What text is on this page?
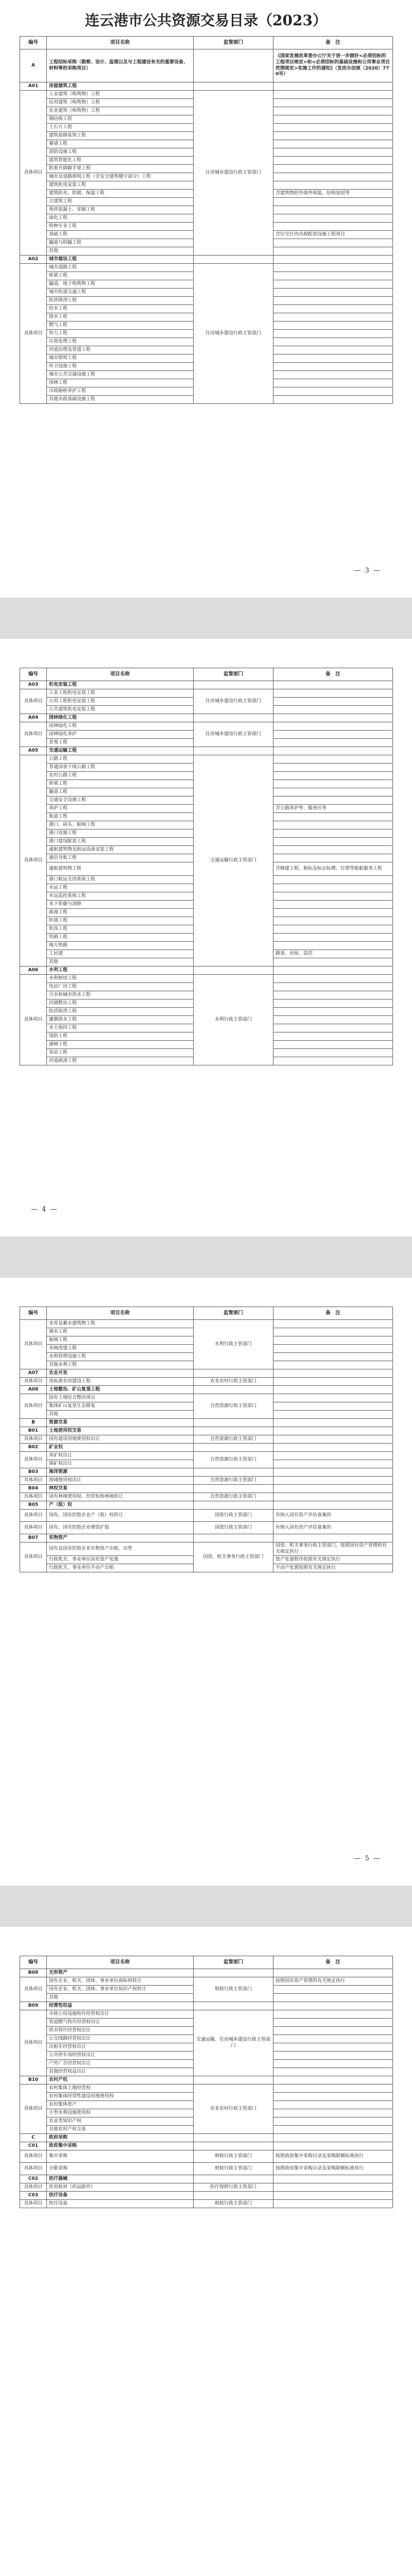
连云港市公共资源交易目录（2023）
编号	项目名称	监管部门	备　注
A	工程招标采购（勘察、设计、监理以及与工程建设有关的重要设备、材料等的采购项目）		《国家发展改革委办公厅关于进一步做好<必须招标的工程项目规定>和<必须招标的基础设施和公用事业项目范围规定>实施工作的通知》（发改办法规〔2020〕770号）
A01	房屋建筑工程		
具体项目	工业建筑（构筑物）工程	住房城乡建设行政主管部门	
	民用建筑（构筑物）工程		
	农业建筑（构筑物）工程		
	钢结构工程		
	土石方工程		
	建筑装修装饰工程		
	幕墙工程		
	消防设施工程		
	建筑智能化工程		
	附着升降脚手架工程		
	城市及道路照明工程（含安全建筑楼宇部分）工程		
	建筑机电安装工程		
	建筑防水、防腐、保温工程		含建筑物的外墙外保温、结构加固等
	古建筑工程		
	预拌混凝土、采暖工程		
	绿化工程		
	特种专业工程		
	基础工程		含住宅区内市政配套设施工程项目
	隧道与防隧工程		
	其他		
A02	城市建设工程		
具体项目	城市道路工程	住房城乡建设行政主管部门	
	桥梁工程		
	隧道、地下构筑物工程		
	城市轨道交通工程		
	防洪排涝工程		
	给水工程		
	排水工程		
	燃气工程		
	热力工程		
	垃圾处理工程		
	河道治理及管道工程		
	城市照明工程		
	环卫设施工程		
	城市公共交通设施工程		
	园林工程		
	市政路桥养护工程		
	其他市政基础设施工程		
— 3 —
编号	项目名称	监管部门	备　注
A03	机电安装工程		
具体项目	工业工程机电安装工程	住房城乡建设行政主管部门	
	公用工程机电安装工程		
	公共建筑机电安装工程		
A04	园林绿化工程		
具体项目	园林绿化工程	住房城乡建设行政主管部门	
	园林绿化养护		
	景观工程		
A05	交通运输工程		
具体项目	公路工程	交通运输行政主管部门	
	普通国省干线公路工程		
	农村公路工程		
	桥梁工程		
	隧道工程		
	交通安全设施工程		
	养护工程		含公路养护等、服务区等
	航道工程		
	港口、码头、船闸工程		
	港口设施工程		
	港口建设配套工程		
	通航建筑物及航运设备安装工程		
	通信导航工程		
	通航建筑物工程		含修建工程、航标及标志标牌、灯塔等船舶服务工程
	港口航运支持系统工程		
	水运工程		
	水运监控系统工程		
	水下炸礁与清障		
	疏浚工程		
	吹填工程		
	机场工程		
	铁路工程		
	地方铁路		
	工民建		路基、房屋、监控
	其他		
A06	水利工程		
具体项目	水利枢纽工程	水利行政主管部门	
	电站厂房工程		
	引水和城市供水工程		
	河湖整治工程		
	防洪除涝工程		
	灌溉排水工程		
	水土保持工程		
	堤防工程		
	涵闸工程		
	泵站工程		
	河道疏浚工程		
— 4 —
编号	项目名称	监管部门	备　注
具体项目	水库及蓄水建筑物工程	水利行政主管部门	
	调水工程		
	船闸工程		
	水闸改建工程		
	水利管理设施工程		
	其他水利工程		
A07	农业开发		
具体项目	高标准农田建设工程	农业农村行政主管部门	
A08	土地整治、矿山复垦工程		
具体项目	国有土地综合整治项目	自然资源行政主管部门	
	集体矿山复垦生态修复		
	其他		
B	资源交易		
B01	土地使用权交易		
具体项目	国有建设用地使用权出让	自然资源行政主管部门	
B02	矿业权		
具体项目	采矿权出让	自然资源行政主管部门	
	探矿权出让		
B03	海洋资源		
具体项目	海域使用权出让	自然资源行政主管部门	
B04	林权交易		
具体项目	国有林地使用权、经营权和林地转让	自然资源行政主管部门	
B05	产（股）权		
具体项目	国有、国有控股企业产（股）权转让	国资行政主管部门	有纳入国有资产评估备案的
具体项目	国有、国有控股企业增资扩股	国资行政主管部门	有纳入国有资产评估备案的
B07	实物资产		
具体项目	国有及国有控股企业实物资产出租、出售	国资、机关事务行政主管部门	国资、机关事务行政主管部门，按照国有资产管理的有关规定执行
	行政机关、事业单位国有资产处置		资产处置程序按照有关规定执行
	行政机关、事业单位不动产出租		不动产处置按照有关规定执行
— 5 —
编号	项目名称	监管部门	备　注
B08	无形资产		
具体项目	国有企业、机关、团体、事业单位商标权转让	财政行政主管部门	按照国有资产管理的有关规定执行
	国有企业、机关、团体、事业单位知识产权转让		
	其他		
B09	经营性权益		
具体项目	市政公用设施特许经营权出让	交通运输、住房城乡建设行政主管部门	
	管道燃气特许经营权出让		
	供水特许经营权出让		
	公交线路经营权出让		
	出租车经营权出让		
	公共停车场经营权出让		
	户外广告经营权出让		
	其他经营权益出让		
B10	农村产权		
具体项目	农村集体土地经营权	农业农村行政主管部门	
	农村集体经营性建设用地使用权		
	农村集体资产		
	小型水利设施使用权		
	农业类知识产权		
	其他农村产权交易		
C	政府采购		
C01	政府集中采购		
具体项目	集中采购	财政行政主管部门	按照政府集中采购目录及采购限额标准执行
具体项目	分散采购	财政行政主管部门	按照政府集中采购目录及采购限额标准执行
C02	医疗器械		
具体项目	医用耗材（药品除外）	医疗保障行政主管部门	
C03	医疗设备		
具体项目	医疗设备	财政行政主管部门	
